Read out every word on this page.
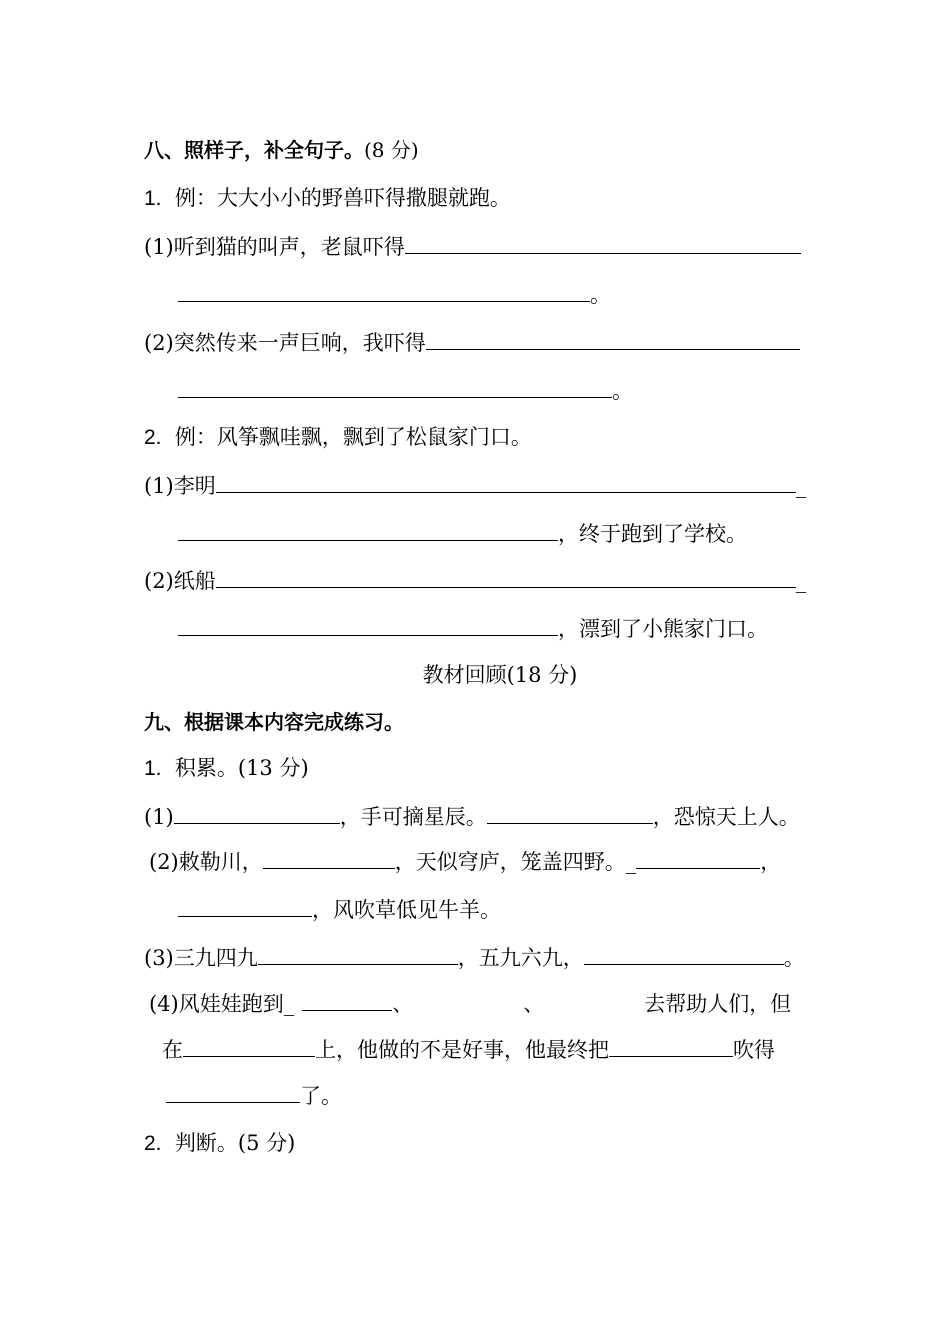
八、照样子，补全句子。(8 分)
1. 例：大大小小的野兽吓得撒腿就跑。
(1)听到猫的叫声，老鼠吓得
。
(2)突然传来一声巨响，我吓得
。
2. 例：风筝飘哇飘，飘到了松鼠家门口。
(1)李明	_
，终于跑到了学校。
(2)纸船	_
，漂到了小熊家门口。
教材回顾(18 分)
九、根据课本内容完成练习。
1. 积累。(13 分)
(1)	，手可摘星辰。	，恐惊天上人。
(2)敕勒川，	，天似穹庐，笼盖四野。_	，
，风吹草低见牛羊。
(3)三九四九	，五九六九，	。
(4)风娃娃跑到_	、	、	去帮助人们，但
在	上，他做的不是好事，他最终把	吹得
了。
2. 判断。(5 分)
